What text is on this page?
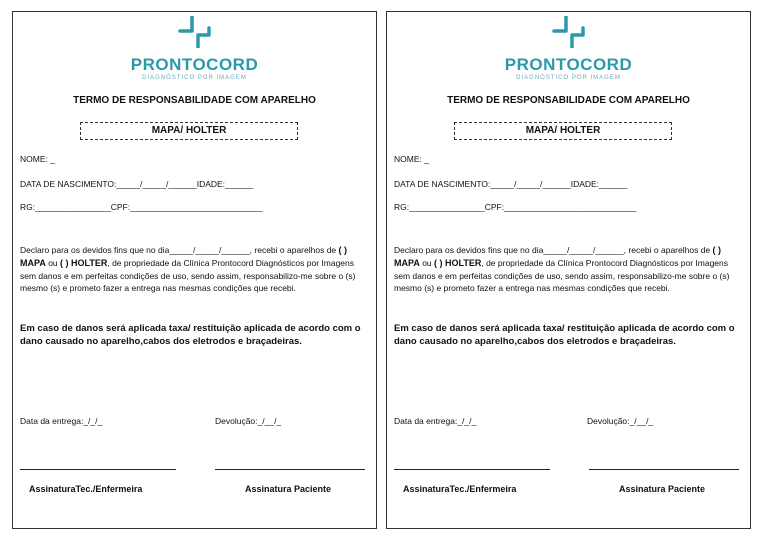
PRONTOCORD
DIAGNÓSTICO POR IMAGEM
TERMO DE RESPONSABILIDADE COM APARELHO
MAPA/ HOLTER
NOME: _
DATA DE NASCIMENTO:_____/_____/______IDADE:______
RG:________________CPF:____________________________
Declaro para os devidos fins que no dia_____/_____/______, recebi o aparelhos de ( ) MAPA ou ( ) HOLTER, de propriedade da Clínica Prontocord Diagnósticos por Imagens sem danos e em perfeitas condições de uso, sendo assim, responsabilizo-me sobre o (s) mesmo (s) e prometo fazer a entrega nas mesmas condições que recebi.
Em caso de danos será aplicada taxa/ restituição aplicada de acordo com o dano causado no aparelho,cabos dos eletrodos e braçadeiras.
Data da entrega:_/_/_	Devolução:_/__/_
AssinaturaTec./Enfermeira	Assinatura Paciente
PRONTOCORD
DIAGNÓSTICO POR IMAGEM
TERMO DE RESPONSABILIDADE COM APARELHO
MAPA/ HOLTER
NOME: _
DATA DE NASCIMENTO:_____/_____/______IDADE:______
RG:________________CPF:____________________________
Declaro para os devidos fins que no dia_____/_____/______, recebi o aparelhos de ( ) MAPA ou ( ) HOLTER, de propriedade da Clínica Prontocord Diagnósticos por Imagens sem danos e em perfeitas condições de uso, sendo assim, responsabilizo-me sobre o (s) mesmo (s) e prometo fazer a entrega nas mesmas condições que recebi.
Em caso de danos será aplicada taxa/ restituição aplicada de acordo com o dano causado no aparelho,cabos dos eletrodos e braçadeiras.
Data da entrega:_/_/_	Devolução:_/__/_
AssinaturaTec./Enfermeira	Assinatura Paciente
